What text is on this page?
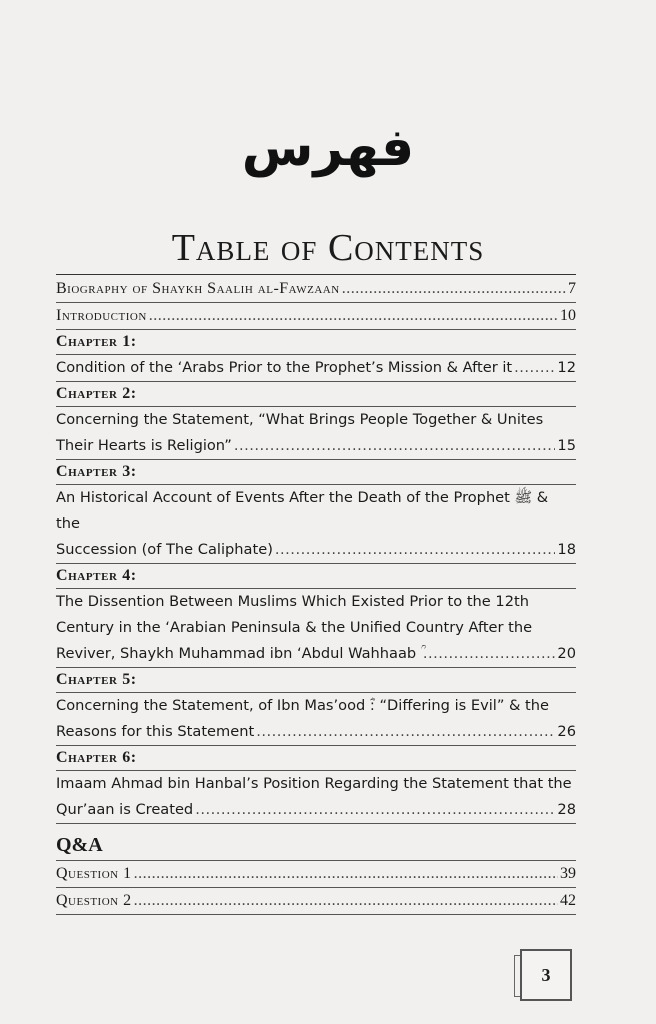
فهرس
Table of Contents
Biography of Shaykh Saalih al-Fawzaan .....	7
Introduction .....	10
Chapter 1:
Condition of the ‘Arabs Prior to the Prophet’s Mission & After it .....	12
Chapter 2:
Concerning the Statement, “What Brings People Together & Unites
Their Hearts is Religion” .....	15
Chapter 3:
An Historical Account of Events After the Death of the Prophet ﷺ & the
Succession (of The Caliphate) .....	18
Chapter 4:
The Dissention Between Muslims Which Existed Prior to the 12th
Century in the ‘Arabian Peninsula & the Unified Country After the
Reviver, Shaykh Muhammad ibn ‘Abdul Wahhaab ؒ .....	20
Chapter 5:
Concerning the Statement, of Ibn Mas’ood ؓ: “Differing is Evil” & the
Reasons for this Statement .....	26
Chapter 6:
Imaam Ahmad bin Hanbal’s Position Regarding the Statement that the
Qur’aan is Created .....	28
Q&A
Question 1 .....	39
Question 2 .....	42
3
